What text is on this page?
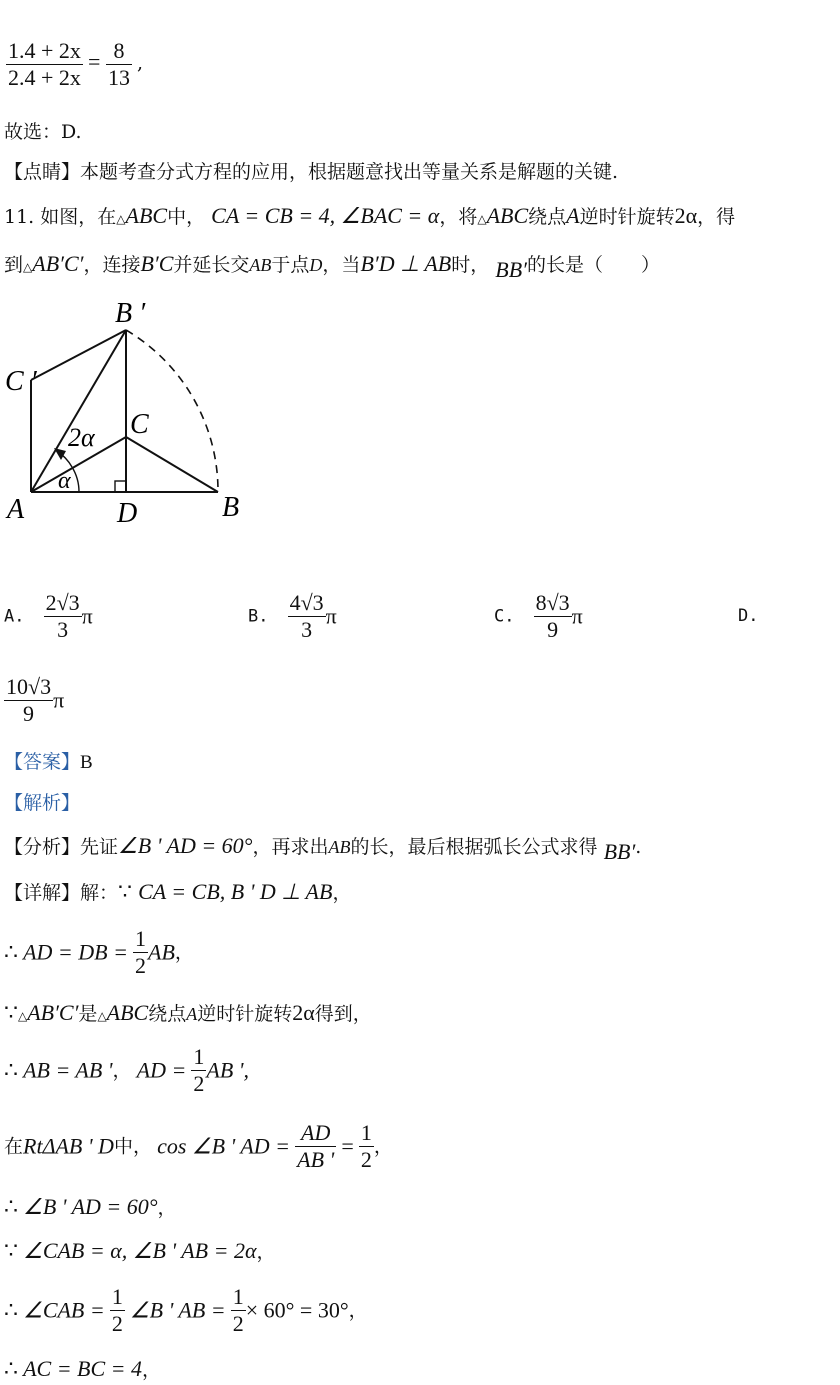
$\frac{1.4 + 2x}{2.4 + 2x} = \frac{8}{13}$ ,
故选：D.
【点睛】本题考查分式方程的应用，根据题意找出等量关系是解题的关键.
11. 如图，在△ABC中， CA = CB = 4, ∠BAC = α，将△ABC绕点A逆时针旋转2α，得
到△AB′C′，连接B′C并延长交AB于点D，当B′D ⊥ AB时， BB′的长是（　　）
B ′
C ′
C
2α
α
A	D	B
A. $\frac{2√3}{3}$ π	B. $\frac{4√3}{3}$ π	C. $\frac{8√3}{9}$ π	D.
$\frac{10√3}{9}$ π
【答案】B
【解析】
【分析】先证∠B ' AD = 60°，再求出AB的长，最后根据弧长公式求得 BB′.
【详解】解：∵ CA = CB, B ' D ⊥ AB，
∴ AD = DB = $\frac{1}{2}$ AB，
∵△AB′C′是△ABC绕点A逆时针旋转2α得到，
∴ AB = AB '， AD = $\frac{1}{2}$ AB ',
在RtΔAB ' D中， cos ∠B ' AD = $\frac{AD}{AB '} = \frac{1}{2}$ ，
∴ ∠B ' AD = 60°，
∵ ∠CAB = α, ∠B ' AB = 2α，
∴ ∠CAB = $\frac{1}{2}$ ∠B ' AB = $\frac{1}{2} \times 60^\circ = 30^\circ$，
∴ AC = BC = 4，
